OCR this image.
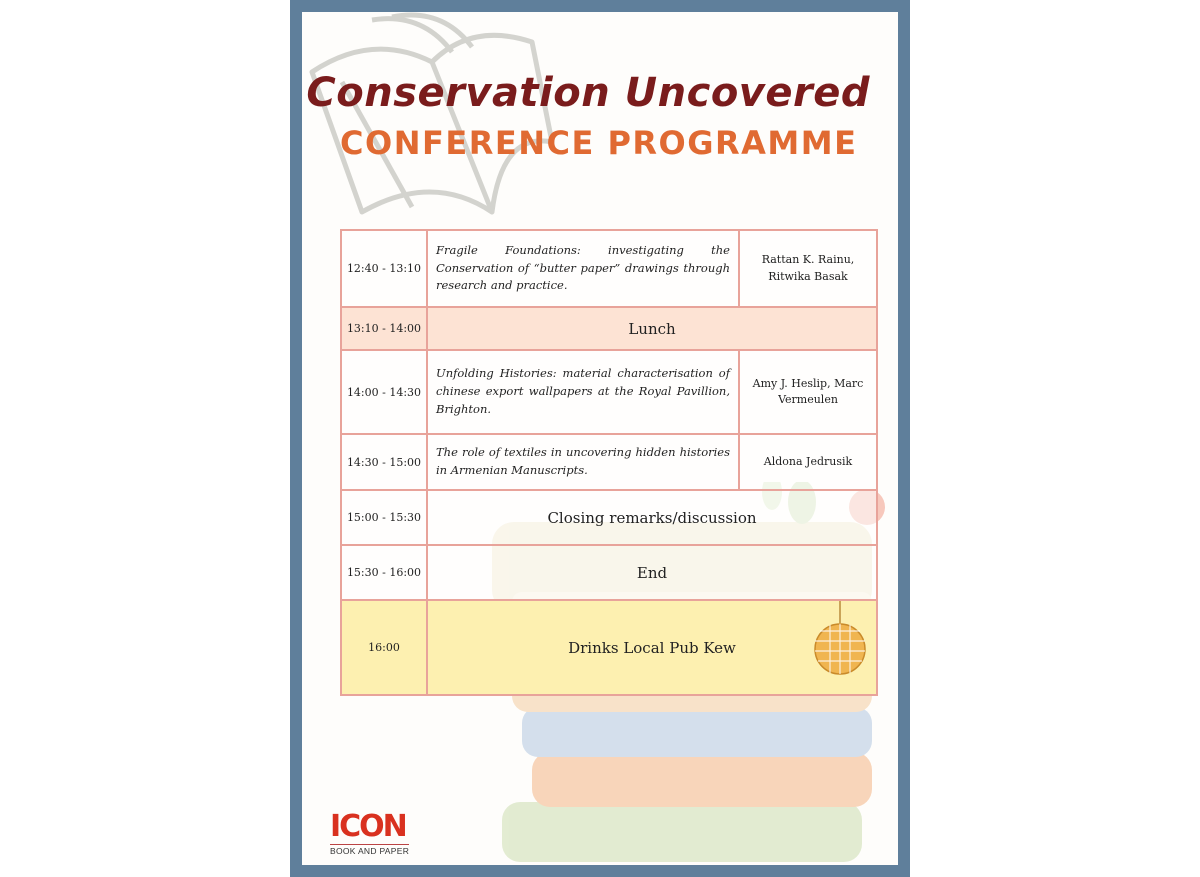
Conservation Uncovered
CONFERENCE PROGRAMME
12:40 - 13:10	Fragile Foundations: investigating the Conservation of “butter paper” drawings through research and practice.	Rattan K. Rainu, Ritwika Basak
13:10 - 14:00	Lunch	
14:00 - 14:30	Unfolding Histories: material characterisation of chinese export wallpapers at the Royal Pavillion, Brighton.	Amy J. Heslip, Marc Vermeulen
14:30 - 15:00	The role of textiles in uncovering hidden histories in Armenian Manuscripts.	Aldona Jedrusik
15:00 - 15:30	Closing remarks/discussion	
15:30 - 16:00	End	
16:00	Drinks Local Pub Kew	
ICON
BOOK AND PAPER
